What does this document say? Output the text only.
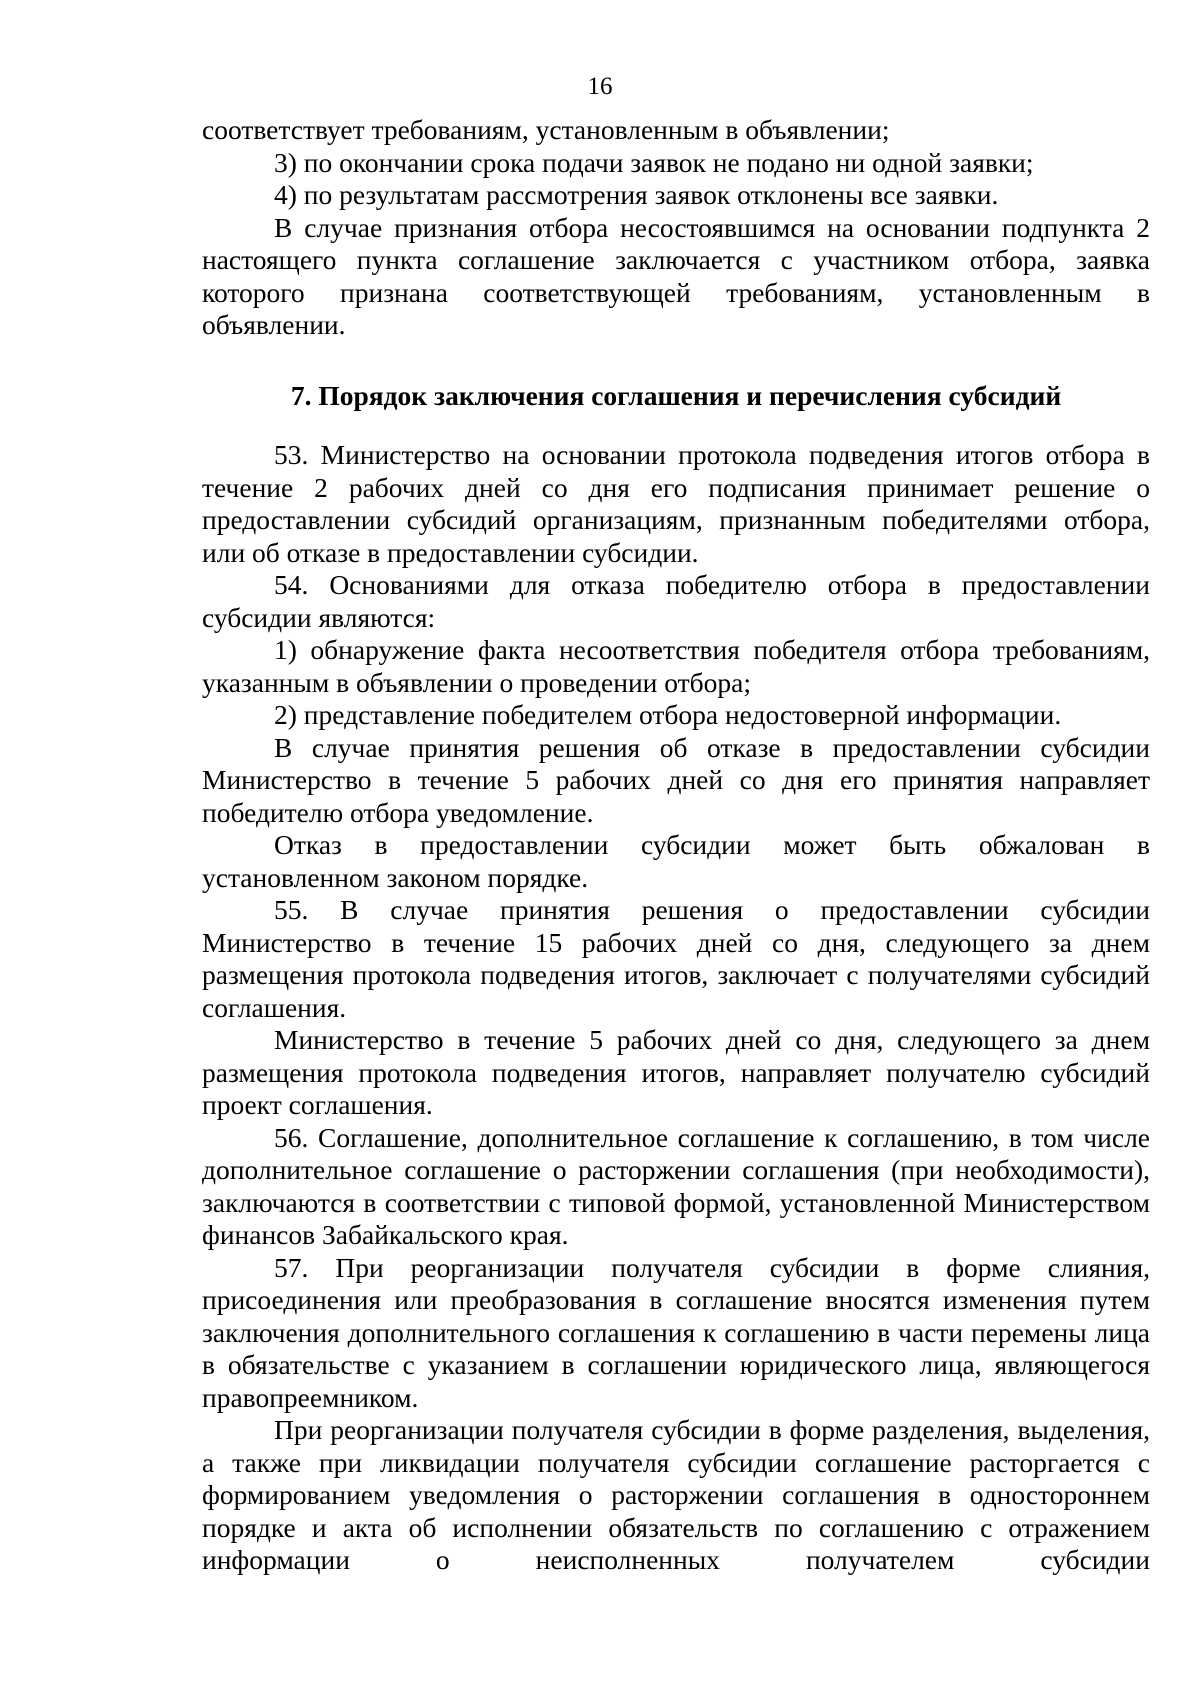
16

соответствует требованиям, установленным в объявлении;

3) по окончании срока подачи заявок не подано ни одной заявки;

4) по результатам рассмотрения заявок отклонены все заявки.

В случае признания отбора несостоявшимся на основании подпункта 2 настоящего пункта соглашение заключается с участником отбора, заявка которого признана соответствующей требованиям, установленным в объявлении.

7. Порядок заключения соглашения и перечисления субсидий

53. Министерство на основании протокола подведения итогов отбора в течение 2 рабочих дней со дня его подписания принимает решение о предоставлении субсидий организациям, признанным победителями отбора, или об отказе в предоставлении субсидии.

54. Основаниями для отказа победителю отбора в предоставлении субсидии являются:

1) обнаружение факта несоответствия победителя отбора требованиям, указанным в объявлении о проведении отбора;

2) представление победителем отбора недостоверной информации.

В случае принятия решения об отказе в предоставлении субсидии Министерство в течение 5 рабочих дней со дня его принятия направляет победителю отбора уведомление.

Отказ в предоставлении субсидии может быть обжалован в установленном законом порядке.

55. В случае принятия решения о предоставлении субсидии Министерство в течение 15 рабочих дней со дня, следующего за днем размещения протокола подведения итогов, заключает с получателями субсидий соглашения.

Министерство в течение 5 рабочих дней со дня, следующего за днем размещения протокола подведения итогов, направляет получателю субсидий проект соглашения.

56. Соглашение, дополнительное соглашение к соглашению, в том числе дополнительное соглашение о расторжении соглашения (при необходимости), заключаются в соответствии с типовой формой, установленной Министерством финансов Забайкальского края.

57. При реорганизации получателя субсидии в форме слияния, присоединения или преобразования в соглашение вносятся изменения путем заключения дополнительного соглашения к соглашению в части перемены лица в обязательстве с указанием в соглашении юридического лица, являющегося правопреемником.

При реорганизации получателя субсидии в форме разделения, выделения, а также при ликвидации получателя субсидии соглашение расторгается с формированием уведомления о расторжении соглашения в одностороннем порядке и акта об исполнении обязательств по соглашению с отражением информации о неисполненных получателем субсидии
